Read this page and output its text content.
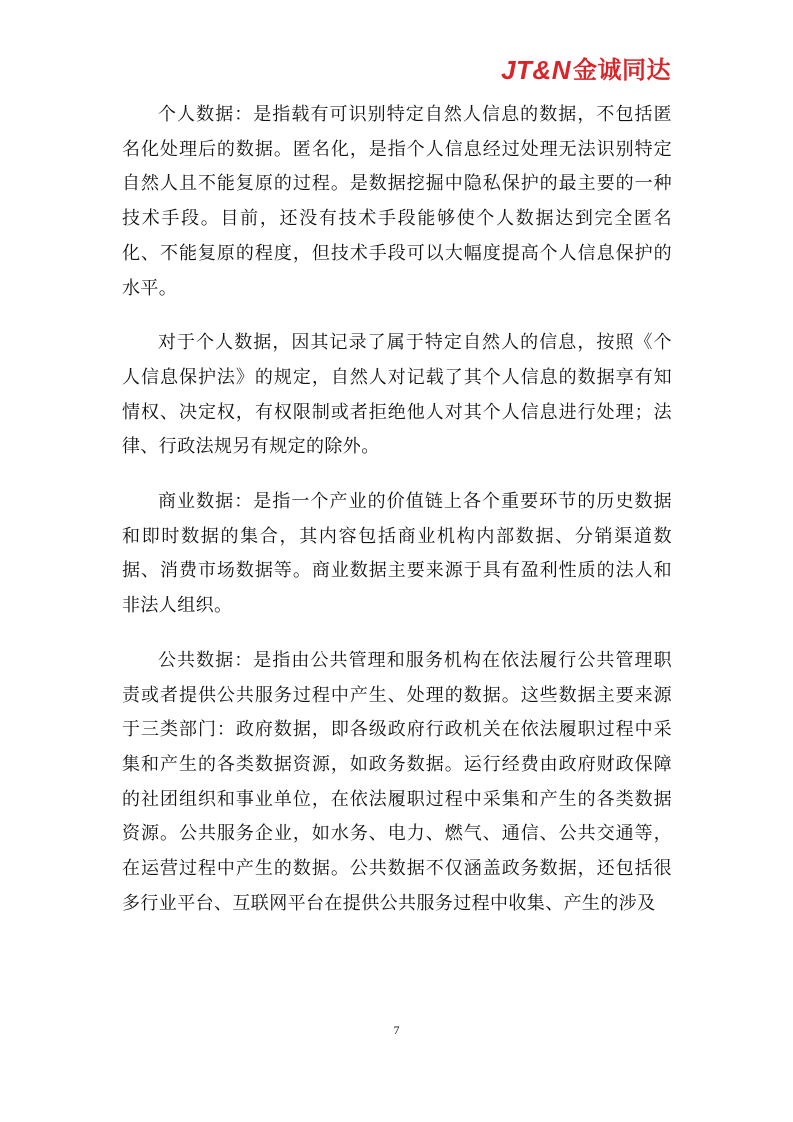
JT&N 金诚同达

个人数据：是指载有可识别特定自然人信息的数据，不包括匿名化处理后的数据。匿名化，是指个人信息经过处理无法识别特定自然人且不能复原的过程。是数据挖掘中隐私保护的最主要的一种技术手段。目前，还没有技术手段能够使个人数据达到完全匿名化、不能复原的程度，但技术手段可以大幅度提高个人信息保护的水平。

对于个人数据，因其记录了属于特定自然人的信息，按照《个人信息保护法》的规定，自然人对记载了其个人信息的数据享有知情权、决定权，有权限制或者拒绝他人对其个人信息进行处理；法律、行政法规另有规定的除外。

商业数据：是指一个产业的价值链上各个重要环节的历史数据和即时数据的集合，其内容包括商业机构内部数据、分销渠道数据、消费市场数据等。商业数据主要来源于具有盈利性质的法人和非法人组织。

公共数据：是指由公共管理和服务机构在依法履行公共管理职责或者提供公共服务过程中产生、处理的数据。这些数据主要来源于三类部门：政府数据，即各级政府行政机关在依法履职过程中采集和产生的各类数据资源，如政务数据。运行经费由政府财政保障的社团组织和事业单位，在依法履职过程中采集和产生的各类数据资源。公共服务企业，如水务、电力、燃气、通信、公共交通等，在运营过程中产生的数据。公共数据不仅涵盖政务数据，还包括很多行业平台、互联网平台在提供公共服务过程中收集、产生的涉及

7
